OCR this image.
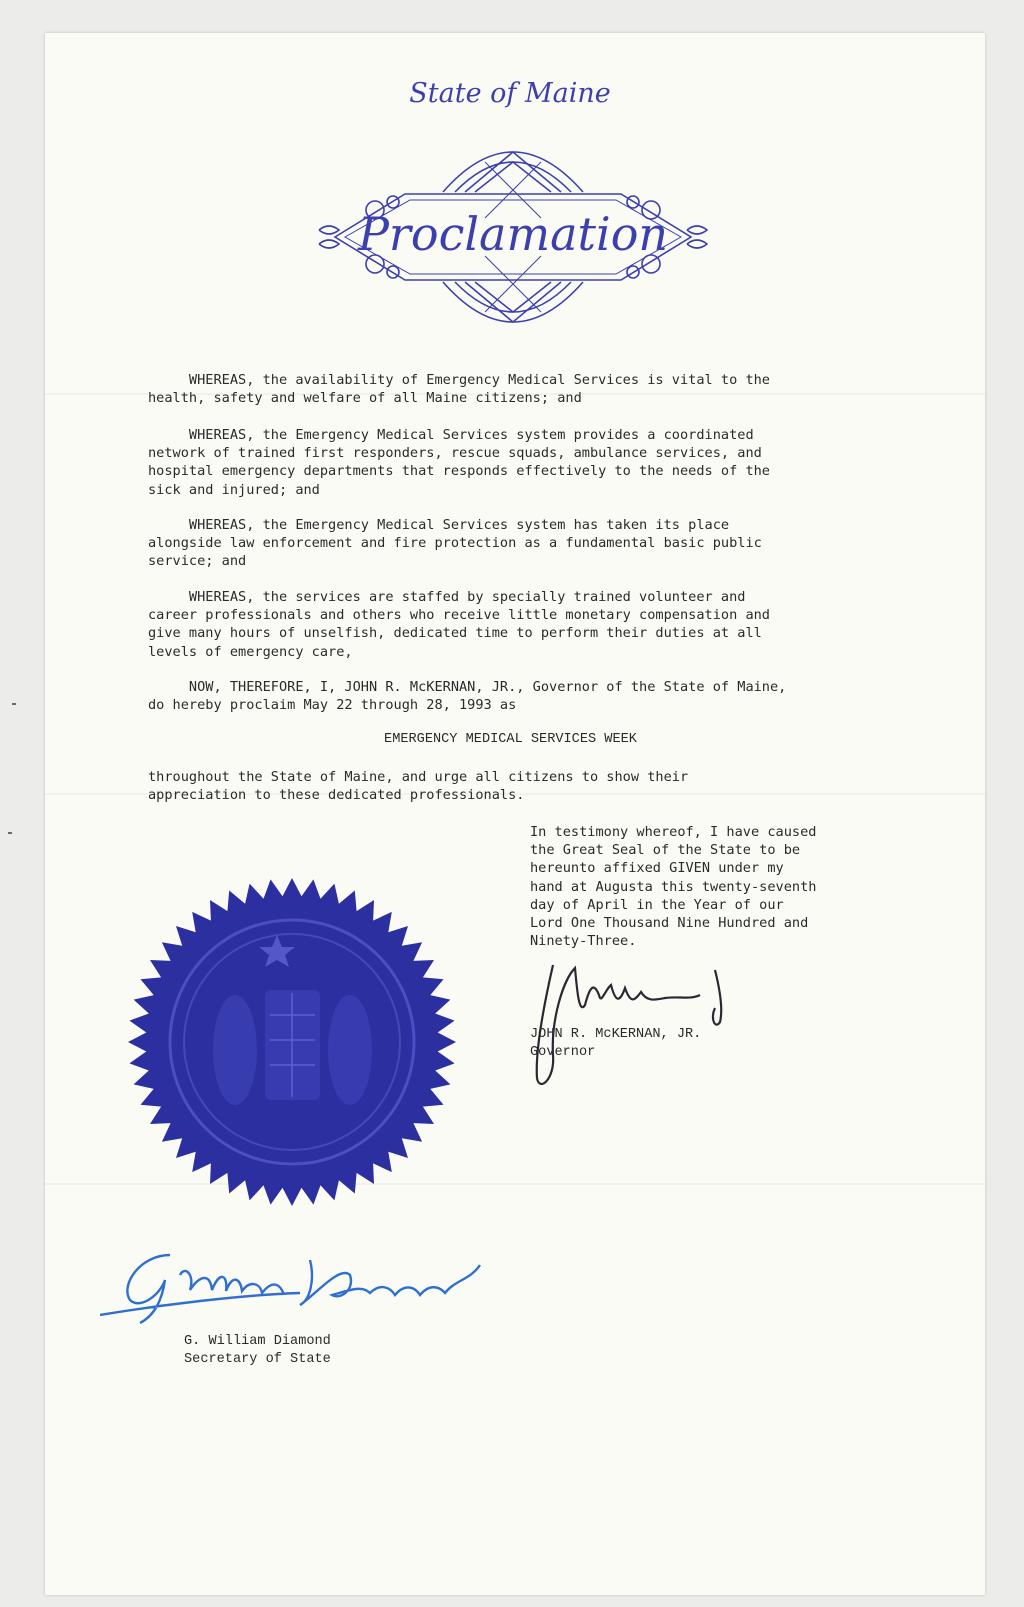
State of Maine
Proclamation
WHEREAS, the availability of Emergency Medical Services is vital to the
health, safety and welfare of all Maine citizens; and
WHEREAS, the Emergency Medical Services system provides a coordinated
network of trained first responders, rescue squads, ambulance services, and
hospital emergency departments that responds effectively to the needs of the
sick and injured; and
WHEREAS, the Emergency Medical Services system has taken its place
alongside law enforcement and fire protection as a fundamental basic public
service; and
WHEREAS, the services are staffed by specially trained volunteer and
career professionals and others who receive little monetary compensation and
give many hours of unselfish, dedicated time to perform their duties at all
levels of emergency care,
NOW, THEREFORE, I, JOHN R. McKERNAN, JR., Governor of the State of Maine,
do hereby proclaim May 22 through 28, 1993 as
EMERGENCY MEDICAL SERVICES WEEK
throughout the State of Maine, and urge all citizens to show their
appreciation to these dedicated professionals.
In testimony whereof, I have caused
the Great Seal of the State to be
hereunto affixed GIVEN under my
hand at Augusta this twenty-seventh
day of April in the Year of our
Lord One Thousand Nine Hundred and
Ninety-Three.
JOHN R. McKERNAN, JR.
Governor
G. William Diamond
Secretary of State
